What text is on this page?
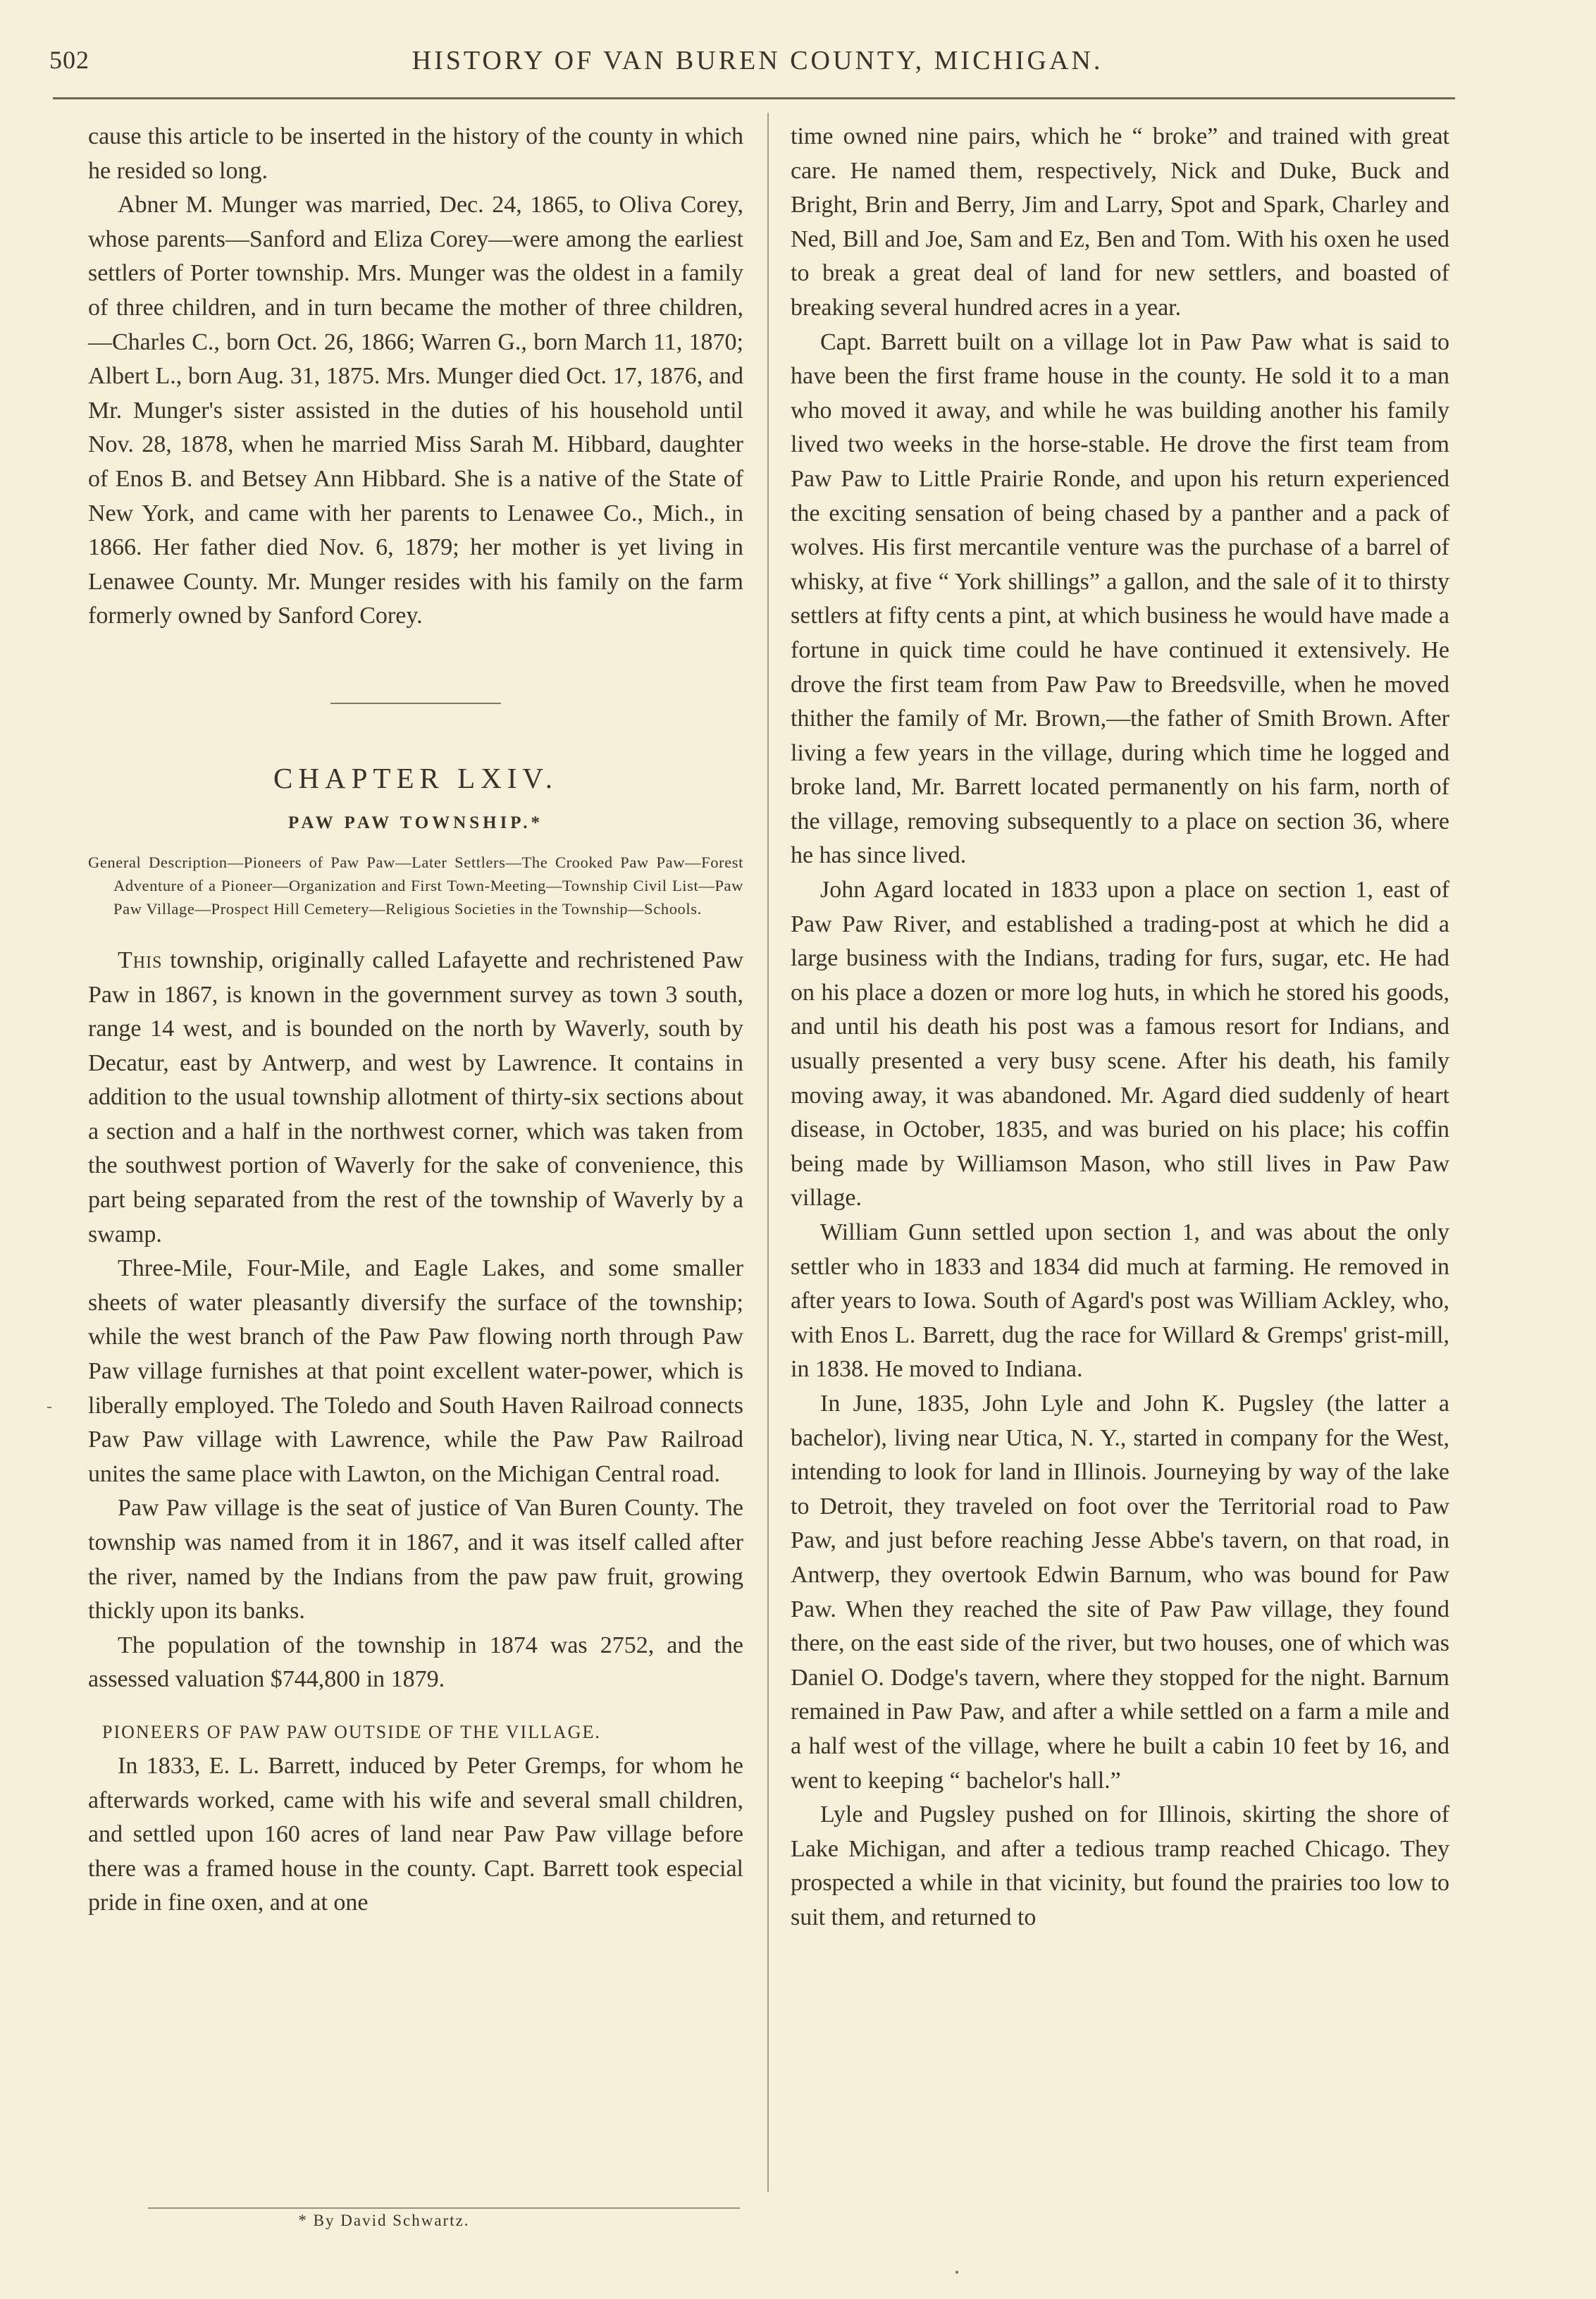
502	HISTORY OF VAN BUREN COUNTY, MICHIGAN.

cause this article to be inserted in the history of the county in which he resided so long.

Abner M. Munger was married, Dec. 24, 1865, to Oliva Corey, whose parents—Sanford and Eliza Corey—were among the earliest settlers of Porter township. Mrs. Munger was the oldest in a family of three children, and in turn became the mother of three children,—Charles C., born Oct. 26, 1866; Warren G., born March 11, 1870; Albert L., born Aug. 31, 1875. Mrs. Munger died Oct. 17, 1876, and Mr. Munger's sister assisted in the duties of his household until Nov. 28, 1878, when he married Miss Sarah M. Hibbard, daughter of Enos B. and Betsey Ann Hibbard. She is a native of the State of New York, and came with her parents to Lenawee Co., Mich., in 1866. Her father died Nov. 6, 1879; her mother is yet living in Lenawee County. Mr. Munger resides with his family on the farm formerly owned by Sanford Corey.

CHAPTER LXIV.
PAW PAW TOWNSHIP.*
General Description—Pioneers of Paw Paw—Later Settlers—The Crooked Paw Paw—Forest Adventure of a Pioneer—Organization and First Town-Meeting—Township Civil List—Paw Paw Village—Prospect Hill Cemetery—Religious Societies in the Township—Schools.

This township, originally called Lafayette and rechristened Paw Paw in 1867, is known in the government survey as town 3 south, range 14 west, and is bounded on the north by Waverly, south by Decatur, east by Antwerp, and west by Lawrence. It contains in addition to the usual township allotment of thirty-six sections about a section and a half in the northwest corner, which was taken from the southwest portion of Waverly for the sake of convenience, this part being separated from the rest of the township of Waverly by a swamp.

Three-Mile, Four-Mile, and Eagle Lakes, and some smaller sheets of water pleasantly diversify the surface of the township; while the west branch of the Paw Paw flowing north through Paw Paw village furnishes at that point excellent water-power, which is liberally employed. The Toledo and South Haven Railroad connects Paw Paw village with Lawrence, while the Paw Paw Railroad unites the same place with Lawton, on the Michigan Central road.

Paw Paw village is the seat of justice of Van Buren County. The township was named from it in 1867, and it was itself called after the river, named by the Indians from the paw paw fruit, growing thickly upon its banks.

The population of the township in 1874 was 2752, and the assessed valuation $744,800 in 1879.

PIONEERS OF PAW PAW OUTSIDE OF THE VILLAGE.

In 1833, E. L. Barrett, induced by Peter Gremps, for whom he afterwards worked, came with his wife and several small children, and settled upon 160 acres of land near Paw Paw village before there was a framed house in the county. Capt. Barrett took especial pride in fine oxen, and at one

* By David Schwartz.

time owned nine pairs, which he “ broke” and trained with great care. He named them, respectively, Nick and Duke, Buck and Bright, Brin and Berry, Jim and Larry, Spot and Spark, Charley and Ned, Bill and Joe, Sam and Ez, Ben and Tom. With his oxen he used to break a great deal of land for new settlers, and boasted of breaking several hundred acres in a year.

Capt. Barrett built on a village lot in Paw Paw what is said to have been the first frame house in the county. He sold it to a man who moved it away, and while he was building another his family lived two weeks in the horse-stable. He drove the first team from Paw Paw to Little Prairie Ronde, and upon his return experienced the exciting sensation of being chased by a panther and a pack of wolves. His first mercantile venture was the purchase of a barrel of whisky, at five “ York shillings” a gallon, and the sale of it to thirsty settlers at fifty cents a pint, at which business he would have made a fortune in quick time could he have continued it extensively. He drove the first team from Paw Paw to Breedsville, when he moved thither the family of Mr. Brown,—the father of Smith Brown. After living a few years in the village, during which time he logged and broke land, Mr. Barrett located permanently on his farm, north of the village, removing subsequently to a place on section 36, where he has since lived.

John Agard located in 1833 upon a place on section 1, east of Paw Paw River, and established a trading-post at which he did a large business with the Indians, trading for furs, sugar, etc. He had on his place a dozen or more log huts, in which he stored his goods, and until his death his post was a famous resort for Indians, and usually presented a very busy scene. After his death, his family moving away, it was abandoned. Mr. Agard died suddenly of heart disease, in October, 1835, and was buried on his place; his coffin being made by Williamson Mason, who still lives in Paw Paw village.

William Gunn settled upon section 1, and was about the only settler who in 1833 and 1834 did much at farming. He removed in after years to Iowa. South of Agard's post was William Ackley, who, with Enos L. Barrett, dug the race for Willard & Gremps' grist-mill, in 1838. He moved to Indiana.

In June, 1835, John Lyle and John K. Pugsley (the latter a bachelor), living near Utica, N. Y., started in company for the West, intending to look for land in Illinois. Journeying by way of the lake to Detroit, they traveled on foot over the Territorial road to Paw Paw, and just before reaching Jesse Abbe's tavern, on that road, in Antwerp, they overtook Edwin Barnum, who was bound for Paw Paw. When they reached the site of Paw Paw village, they found there, on the east side of the river, but two houses, one of which was Daniel O. Dodge's tavern, where they stopped for the night. Barnum remained in Paw Paw, and after a while settled on a farm a mile and a half west of the village, where he built a cabin 10 feet by 16, and went to keeping “ bachelor's hall.”

Lyle and Pugsley pushed on for Illinois, skirting the shore of Lake Michigan, and after a tedious tramp reached Chicago. They prospected a while in that vicinity, but found the prairies too low to suit them, and returned to

-
